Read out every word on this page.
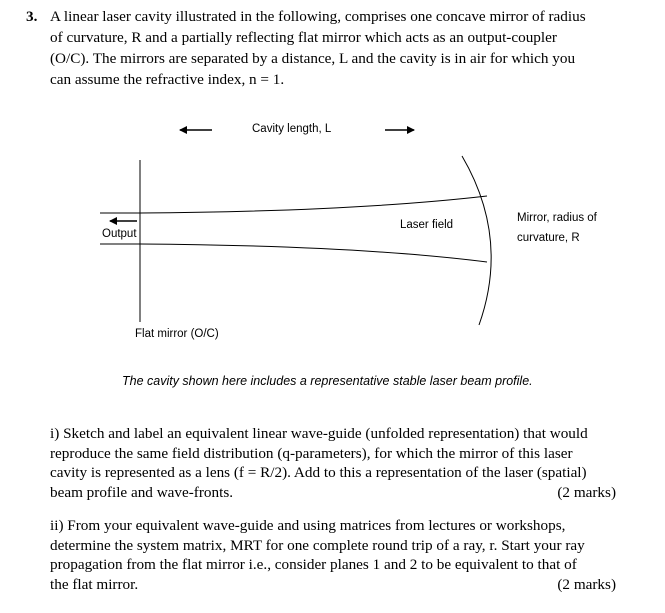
3. A linear laser cavity illustrated in the following, comprises one concave mirror of radius
of curvature, R and a partially reflecting flat mirror which acts as an output-coupler
(O/C). The mirrors are separated by a distance, L and the cavity is in air for which you
can assume the refractive index, n = 1.
Cavity length, L
Output
Laser field
Mirror, radius of
curvature, R
Flat mirror (O/C)
The cavity shown here includes a representative stable laser beam profile.
i) Sketch and label an equivalent linear wave-guide (unfolded representation) that would
reproduce the same field distribution (q-parameters), for which the mirror of this laser
cavity is represented as a lens (f = R/2). Add to this a representation of the laser (spatial)
beam profile and wave-fronts.	(2 marks)
ii) From your equivalent wave-guide and using matrices from lectures or workshops,
determine the system matrix, MRT for one complete round trip of a ray, r. Start your ray
propagation from the flat mirror i.e., consider planes 1 and 2 to be equivalent to that of
the flat mirror.	(2 marks)
